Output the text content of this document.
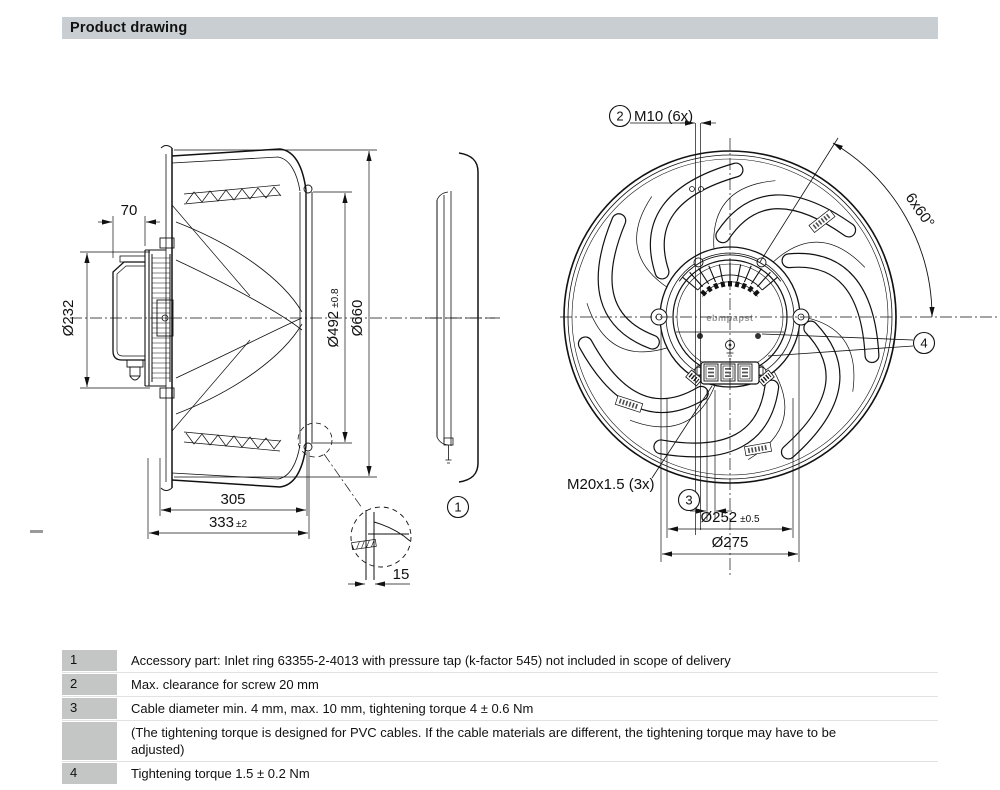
Product drawing
70
Ø232	Ø492±0.8
Ø660
305
333 ±2
15
1
ebmpapst
2 M10 (6x)
6x60°
4
M20x1.5 (3x)
3
Ø252 ±0.5
Ø275
1	Accessory part: Inlet ring 63355-2-4013 with pressure tap (k-factor 545) not included in scope of delivery
2	Max. clearance for screw 20 mm
3	Cable diameter min. 4 mm, max. 10 mm, tightening torque 4 ± 0.6 Nm
(The tightening torque is designed for PVC cables. If the cable materials are different, the tightening torque may have to be adjusted)
4	Tightening torque 1.5 ± 0.2 Nm
